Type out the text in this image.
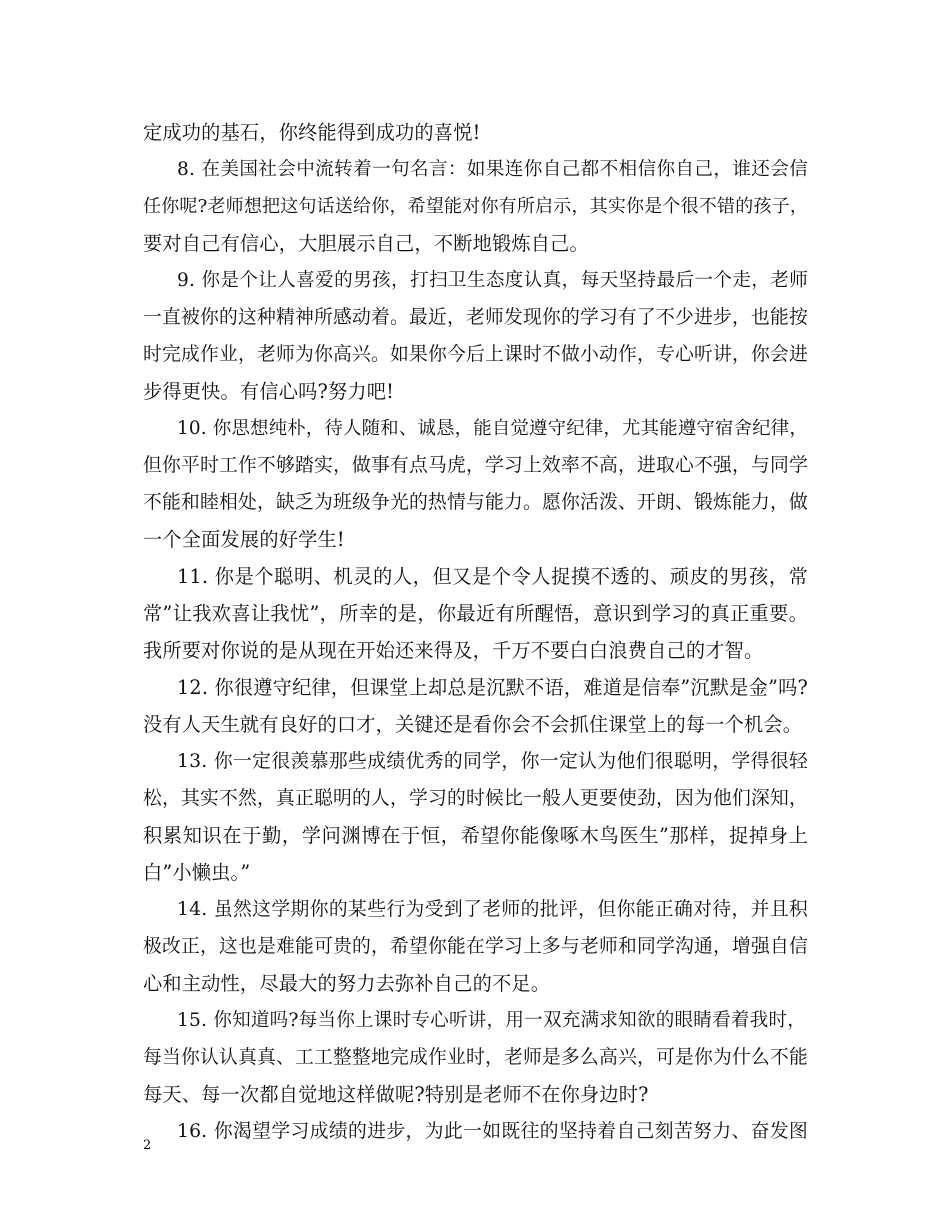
定成功的基石，你终能得到成功的喜悦!
8. 在美国社会中流转着一句名言：如果连你自己都不相信你自己，谁还会信
任你呢?老师想把这句话送给你，希望能对你有所启示，其实你是个很不错的孩子，
要对自己有信心，大胆展示自己，不断地锻炼自己。
9. 你是个让人喜爱的男孩，打扫卫生态度认真，每天坚持最后一个走，老师
一直被你的这种精神所感动着。最近，老师发现你的学习有了不少进步，也能按
时完成作业，老师为你高兴。如果你今后上课时不做小动作，专心听讲，你会进
步得更快。有信心吗?努力吧!
10. 你思想纯朴，待人随和、诚恳，能自觉遵守纪律，尤其能遵守宿舍纪律，
但你平时工作不够踏实，做事有点马虎，学习上效率不高，进取心不强，与同学
不能和睦相处，缺乏为班级争光的热情与能力。愿你活泼、开朗、锻炼能力，做
一个全面发展的好学生!
11. 你是个聪明、机灵的人，但又是个令人捉摸不透的、顽皮的男孩，常
常”让我欢喜让我忧”，所幸的是，你最近有所醒悟，意识到学习的真正重要。
我所要对你说的是从现在开始还来得及，千万不要白白浪费自己的才智。
12. 你很遵守纪律，但课堂上却总是沉默不语，难道是信奉”沉默是金”吗?
没有人天生就有良好的口才，关键还是看你会不会抓住课堂上的每一个机会。
13. 你一定很羡慕那些成绩优秀的同学，你一定认为他们很聪明，学得很轻
松，其实不然，真正聪明的人，学习的时候比一般人更要使劲，因为他们深知，
积累知识在于勤，学问渊博在于恒，希望你能像啄木鸟医生”那样，捉掉身上
白”小懒虫。”
14. 虽然这学期你的某些行为受到了老师的批评，但你能正确对待，并且积
极改正，这也是难能可贵的，希望你能在学习上多与老师和同学沟通，增强自信
心和主动性，尽最大的努力去弥补自己的不足。
15. 你知道吗?每当你上课时专心听讲，用一双充满求知欲的眼睛看着我时，
每当你认认真真、工工整整地完成作业时，老师是多么高兴，可是你为什么不能
每天、每一次都自觉地这样做呢?特别是老师不在你身边时?
16. 你渴望学习成绩的进步，为此一如既往的坚持着自己刻苦努力、奋发图
2
